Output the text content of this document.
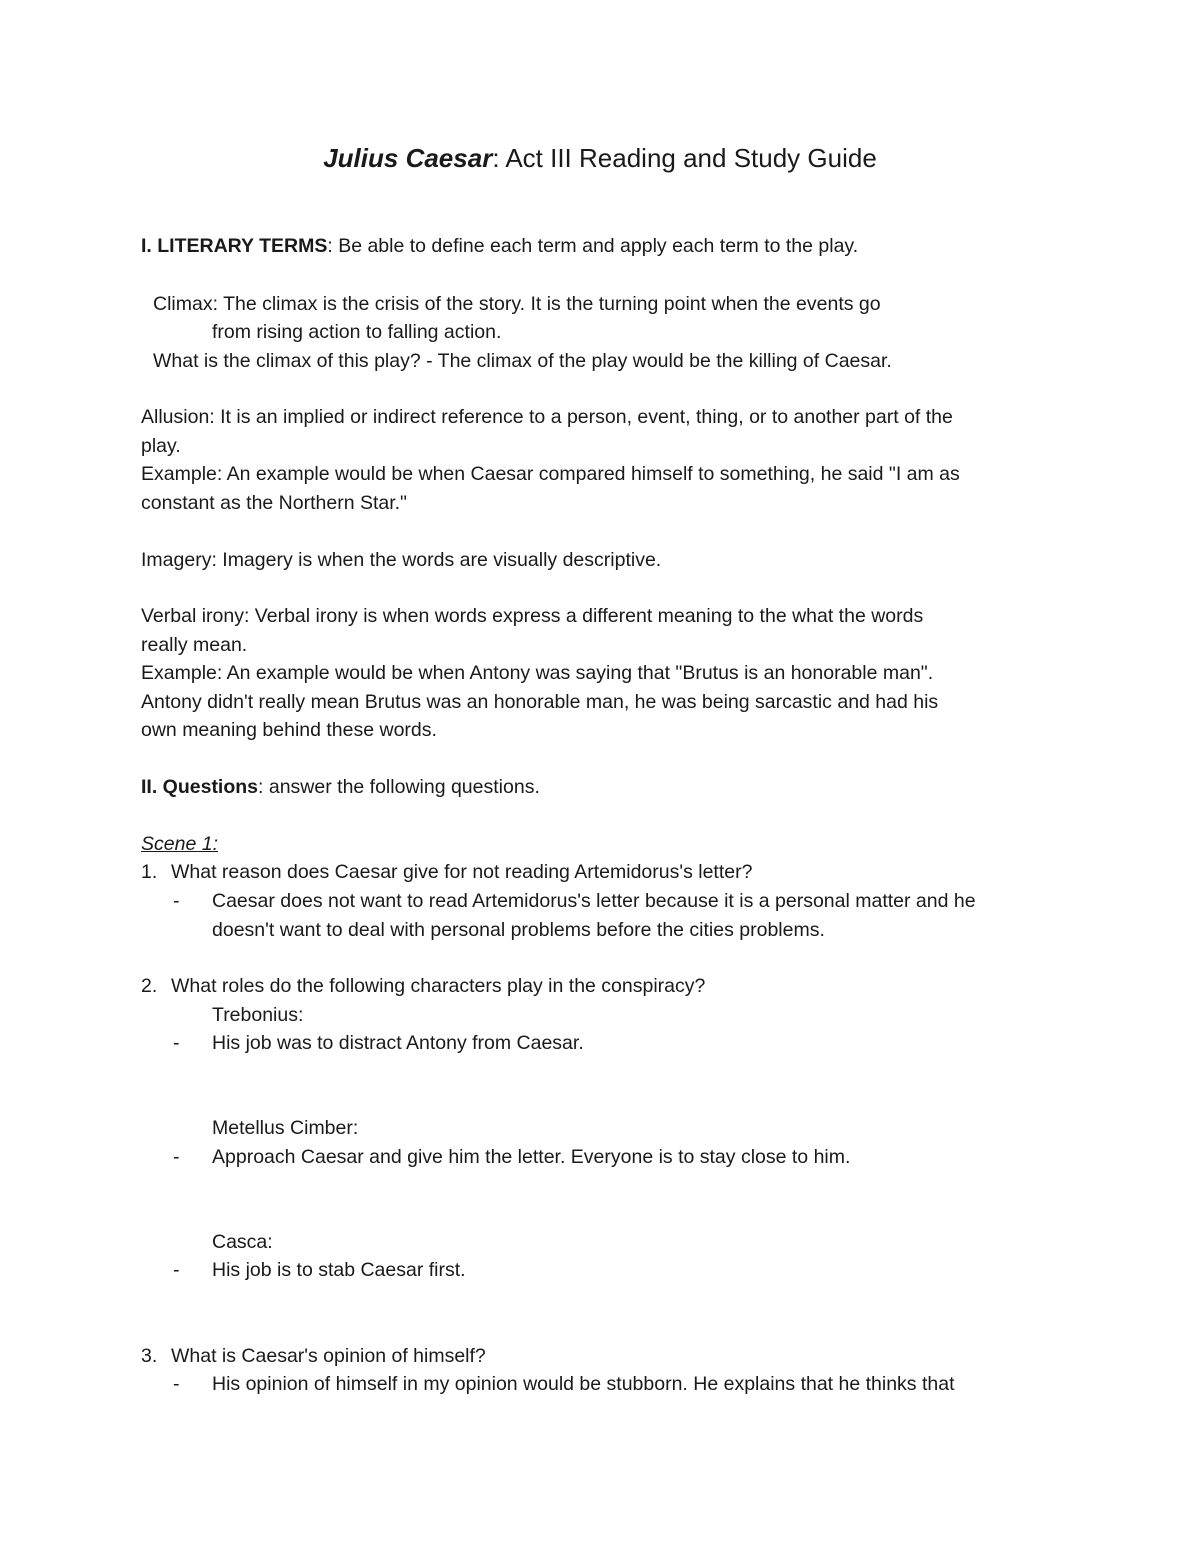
Julius Caesar: Act III Reading and Study Guide
I. LITERARY TERMS: Be able to define each term and apply each term to the play.
Climax: The climax is the crisis of the story. It is the turning point when the events go
from rising action to falling action.
What is the climax of this play? - The climax of the play would be the killing of Caesar.
Allusion: It is an implied or indirect reference to a person, event, thing, or to another part of the
play.
Example: An example would be when Caesar compared himself to something, he said "I am as
constant as the Northern Star."
Imagery: Imagery is when the words are visually descriptive.
Verbal irony: Verbal irony is when words express a different meaning to the what the words
really mean.
Example: An example would be when Antony was saying that "Brutus is an honorable man".
Antony didn't really mean Brutus was an honorable man, he was being sarcastic and had his
own meaning behind these words.
II. Questions: answer the following questions.
Scene 1:
1. What reason does Caesar give for not reading Artemidorus's letter?
- Caesar does not want to read Artemidorus's letter because it is a personal matter and he
doesn't want to deal with personal problems before the cities problems.
2. What roles do the following characters play in the conspiracy?
Trebonius:
- His job was to distract Antony from Caesar.
Metellus Cimber:
- Approach Caesar and give him the letter. Everyone is to stay close to him.
Casca:
- His job is to stab Caesar first.
3. What is Caesar's opinion of himself?
- His opinion of himself in my opinion would be stubborn. He explains that he thinks that
